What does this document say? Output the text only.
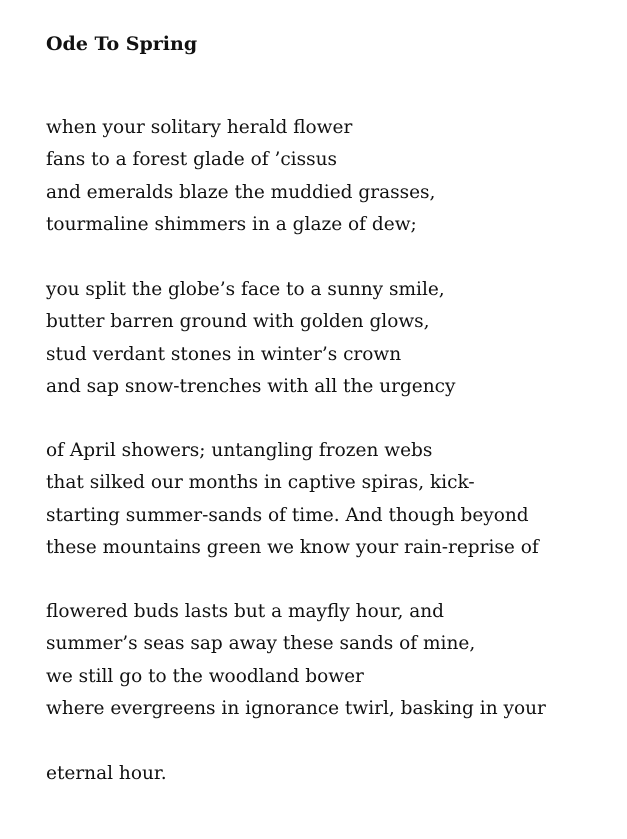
Ode To Spring
when your solitary herald flower
fans to a forest glade of ’cissus
and emeralds blaze the muddied grasses,
tourmaline shimmers in a glaze of dew;
you split the globe’s face to a sunny smile,
butter barren ground with golden glows,
stud verdant stones in winter’s crown
and sap snow-trenches with all the urgency
of April showers; untangling frozen webs
that silked our months in captive spiras, kick-
starting summer-sands of time. And though beyond
these mountains green we know your rain-reprise of
flowered buds lasts but a mayfly hour, and
summer’s seas sap away these sands of mine,
we still go to the woodland bower
where evergreens in ignorance twirl, basking in your
eternal hour.
